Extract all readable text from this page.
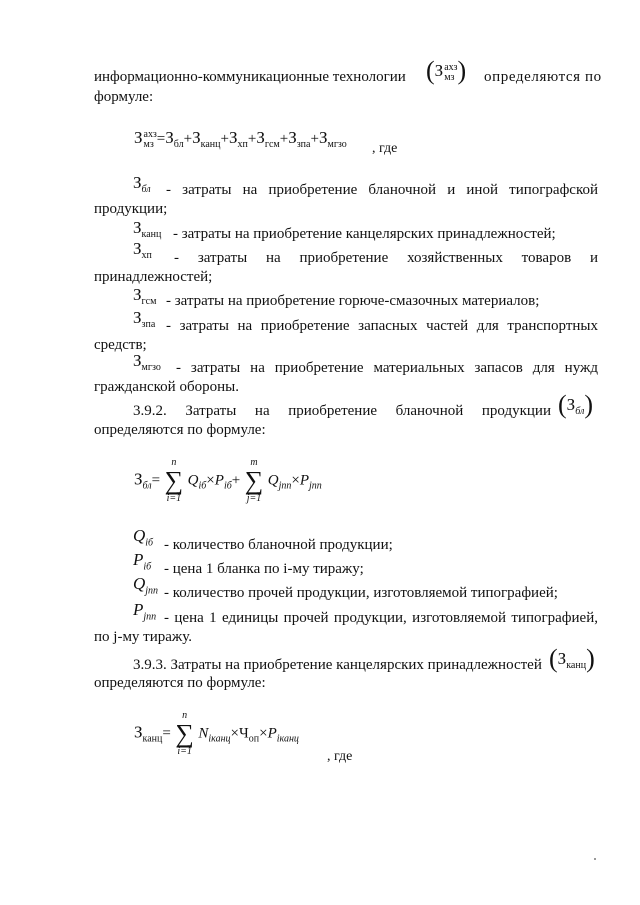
информационно-коммуникационные технологии (З ахз
мз ) определяются по
формуле:
З ахз
мз $=З_{бл}+З_{канц}+З_{хп}+З_{гсм}+З_{зпа}+З_{мгзо}$ , где
$З_{бл}$ - затраты на приобретение бланочной и иной типографской
продукции;
$З_{канц}$ - затраты на приобретение канцелярских принадлежностей;
$З_{хп}$ - затраты на приобретение хозяйственных товаров и
принадлежностей;
$З_{гсм}$ - затраты на приобретение горюче-смазочных материалов;
$З_{зпа}$ - затраты на приобретение запасных частей для транспортных
средств;
$З_{мгзо}$ - затраты на приобретение материальных запасов для нужд
гражданской обороны.
3.9.2. Затраты на приобретение бланочной продукции $(З_{бл})$
определяются по формуле:
$З_{бл}=$
n
∑
i=1
$Q_{iб}\times P_{iб}+$
m
∑
j=1
$Q_{jпп}\times P_{jпп}$
$Q_{iб}$ - количество бланочной продукции;
$P_{iб}$ - цена 1 бланка по i-му тиражу;
$Q_{jпп}$ - количество прочей продукции, изготовляемой типографией;
$P_{jпп}$ - цена 1 единицы прочей продукции, изготовляемой типографией,
по j-му тиражу.
3.9.3. Затраты на приобретение канцелярских принадлежностей $(З_{канц})$
определяются по формуле:
$З_{канц}=$
n
∑
i=1
$N_{iканц}\times Ч_{оп}\times P_{iканц}$
, где
